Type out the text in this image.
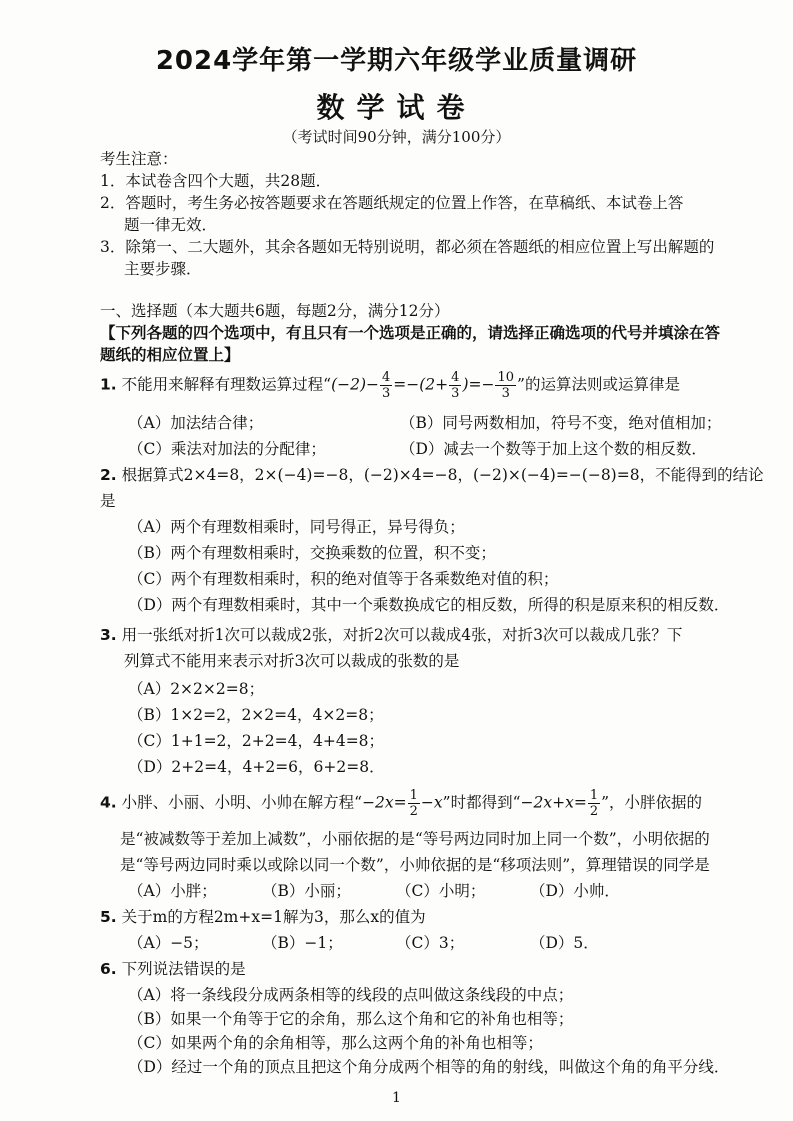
2024学年第一学期六年级学业质量调研
数学试卷
（考试时间90分钟，满分100分）
考生注意：
1．本试卷含四个大题，共28题．
2．答题时，考生务必按答题要求在答题纸规定的位置上作答，在草稿纸、本试卷上答
题一律无效．
3．除第一、二大题外，其余各题如无特别说明，都必须在答题纸的相应位置上写出解题的
主要步骤．
一、选择题（本大题共6题，每题2分，满分12分）
【下列各题的四个选项中，有且只有一个选项是正确的，请选择正确选项的代号并填涂在答
题纸的相应位置上】
1. 不能用来解释有理数运算过程“$(-2)- \frac{4}{3} =-(2+ \frac{4}{3}$ )=− $\frac{10}{3}$ ”的运算法则或运算律是
（A）加法结合律；	（B）同号两数相加，符号不变，绝对值相加；
（C）乘法对加法的分配律；	（D）减去一个数等于加上这个数的相反数．
2. 根据算式2×4=8，2×(−4)=−8，(−2)×4=−8，(−2)×(−4)=−(−8)=8，不能得到的结论
是
（A）两个有理数相乘时，同号得正，异号得负；
（B）两个有理数相乘时，交换乘数的位置，积不变；
（C）两个有理数相乘时，积的绝对值等于各乘数绝对值的积；
（D）两个有理数相乘时，其中一个乘数换成它的相反数，所得的积是原来积的相反数．
3. 用一张纸对折1次可以裁成2张，对折2次可以裁成4张，对折3次可以裁成几张？下
列算式不能用来表示对折3次可以裁成的张数的是
（A）2×2×2=8；
（B）1×2=2，2×2=4，4×2=8；
（C）1+1=2，2+2=4，4+4=8；
（D）2+2=4，4+2=6，6+2=8．
4. 小胖、小丽、小明、小帅在解方程“$-2x= \frac{1}{2} -x$”时都得到“$-2x+x= \frac{1}{2}$ ”，小胖依据的
是“被减数等于差加上减数”，小丽依据的是“等号两边同时加上同一个数”，小明依据的
是“等号两边同时乘以或除以同一个数”，小帅依据的是“移项法则”，算理错误的同学是
（A）小胖；	（B）小丽；	（C）小明；	（D）小帅．
5. 关于m的方程2m+x=1解为3，那么x的值为
（A）−5；	（B）−1；	（C）3；	（D）5．
6. 下列说法错误的是
（A）将一条线段分成两条相等的线段的点叫做这条线段的中点；
（B）如果一个角等于它的余角，那么这个角和它的补角也相等；
（C）如果两个角的余角相等，那么这两个角的补角也相等；
（D）经过一个角的顶点且把这个角分成两个相等的角的射线，叫做这个角的角平分线．
1
